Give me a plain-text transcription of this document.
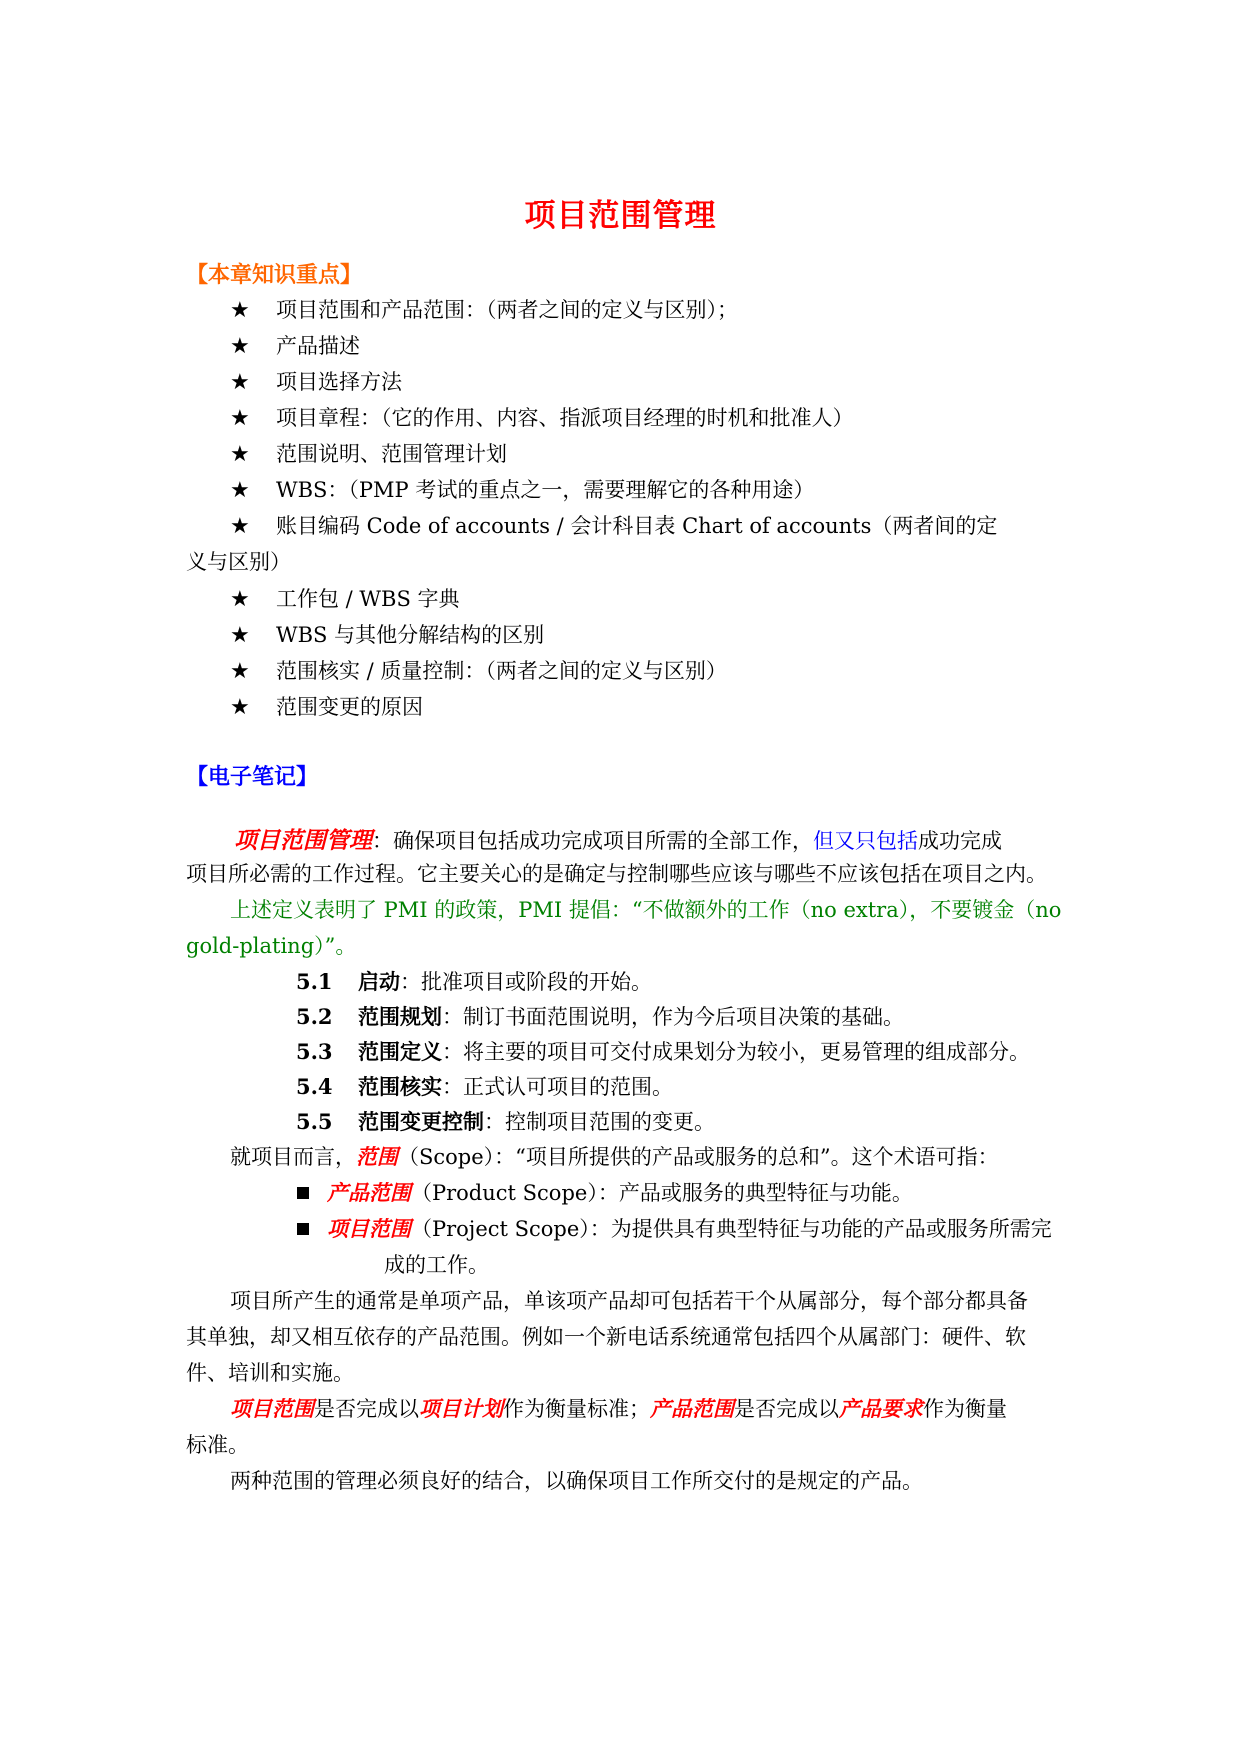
项目范围管理
【本章知识重点】
★ 项目范围和产品范围：（两者之间的定义与区别）；
★ 产品描述
★ 项目选择方法
★ 项目章程：（它的作用、内容、指派项目经理的时机和批准人）
★ 范围说明、范围管理计划
★ WBS：（PMP 考试的重点之一，需要理解它的各种用途）
★ 账目编码 Code of accounts / 会计科目表 Chart of accounts（两者间的定
义与区别）
★ 工作包 / WBS 字典
★ WBS 与其他分解结构的区别
★ 范围核实 / 质量控制：（两者之间的定义与区别）
★ 范围变更的原因
【电子笔记】
项目范围管理：确保项目包括成功完成项目所需的全部工作，但又只包括成功完成
项目所必需的工作过程。它主要关心的是确定与控制哪些应该与哪些不应该包括在项目之内。
上述定义表明了 PMI 的政策，PMI 提倡：“不做额外的工作（no extra），不要镀金（no
gold-plating）”。
5.1 启动：批准项目或阶段的开始。
5.2 范围规划：制订书面范围说明，作为今后项目决策的基础。
5.3 范围定义：将主要的项目可交付成果划分为较小，更易管理的组成部分。
5.4 范围核实：正式认可项目的范围。
5.5 范围变更控制：控制项目范围的变更。
就项目而言，范围（Scope）：“项目所提供的产品或服务的总和”。这个术语可指：
产品范围（Product Scope）：产品或服务的典型特征与功能。
项目范围（Project Scope）：为提供具有典型特征与功能的产品或服务所需完
成的工作。
项目所产生的通常是单项产品，单该项产品却可包括若干个从属部分，每个部分都具备
其单独，却又相互依存的产品范围。例如一个新电话系统通常包括四个从属部门：硬件、软
件、培训和实施。
项目范围是否完成以项目计划作为衡量标准；产品范围是否完成以产品要求作为衡量
标准。
两种范围的管理必须良好的结合，以确保项目工作所交付的是规定的产品。
